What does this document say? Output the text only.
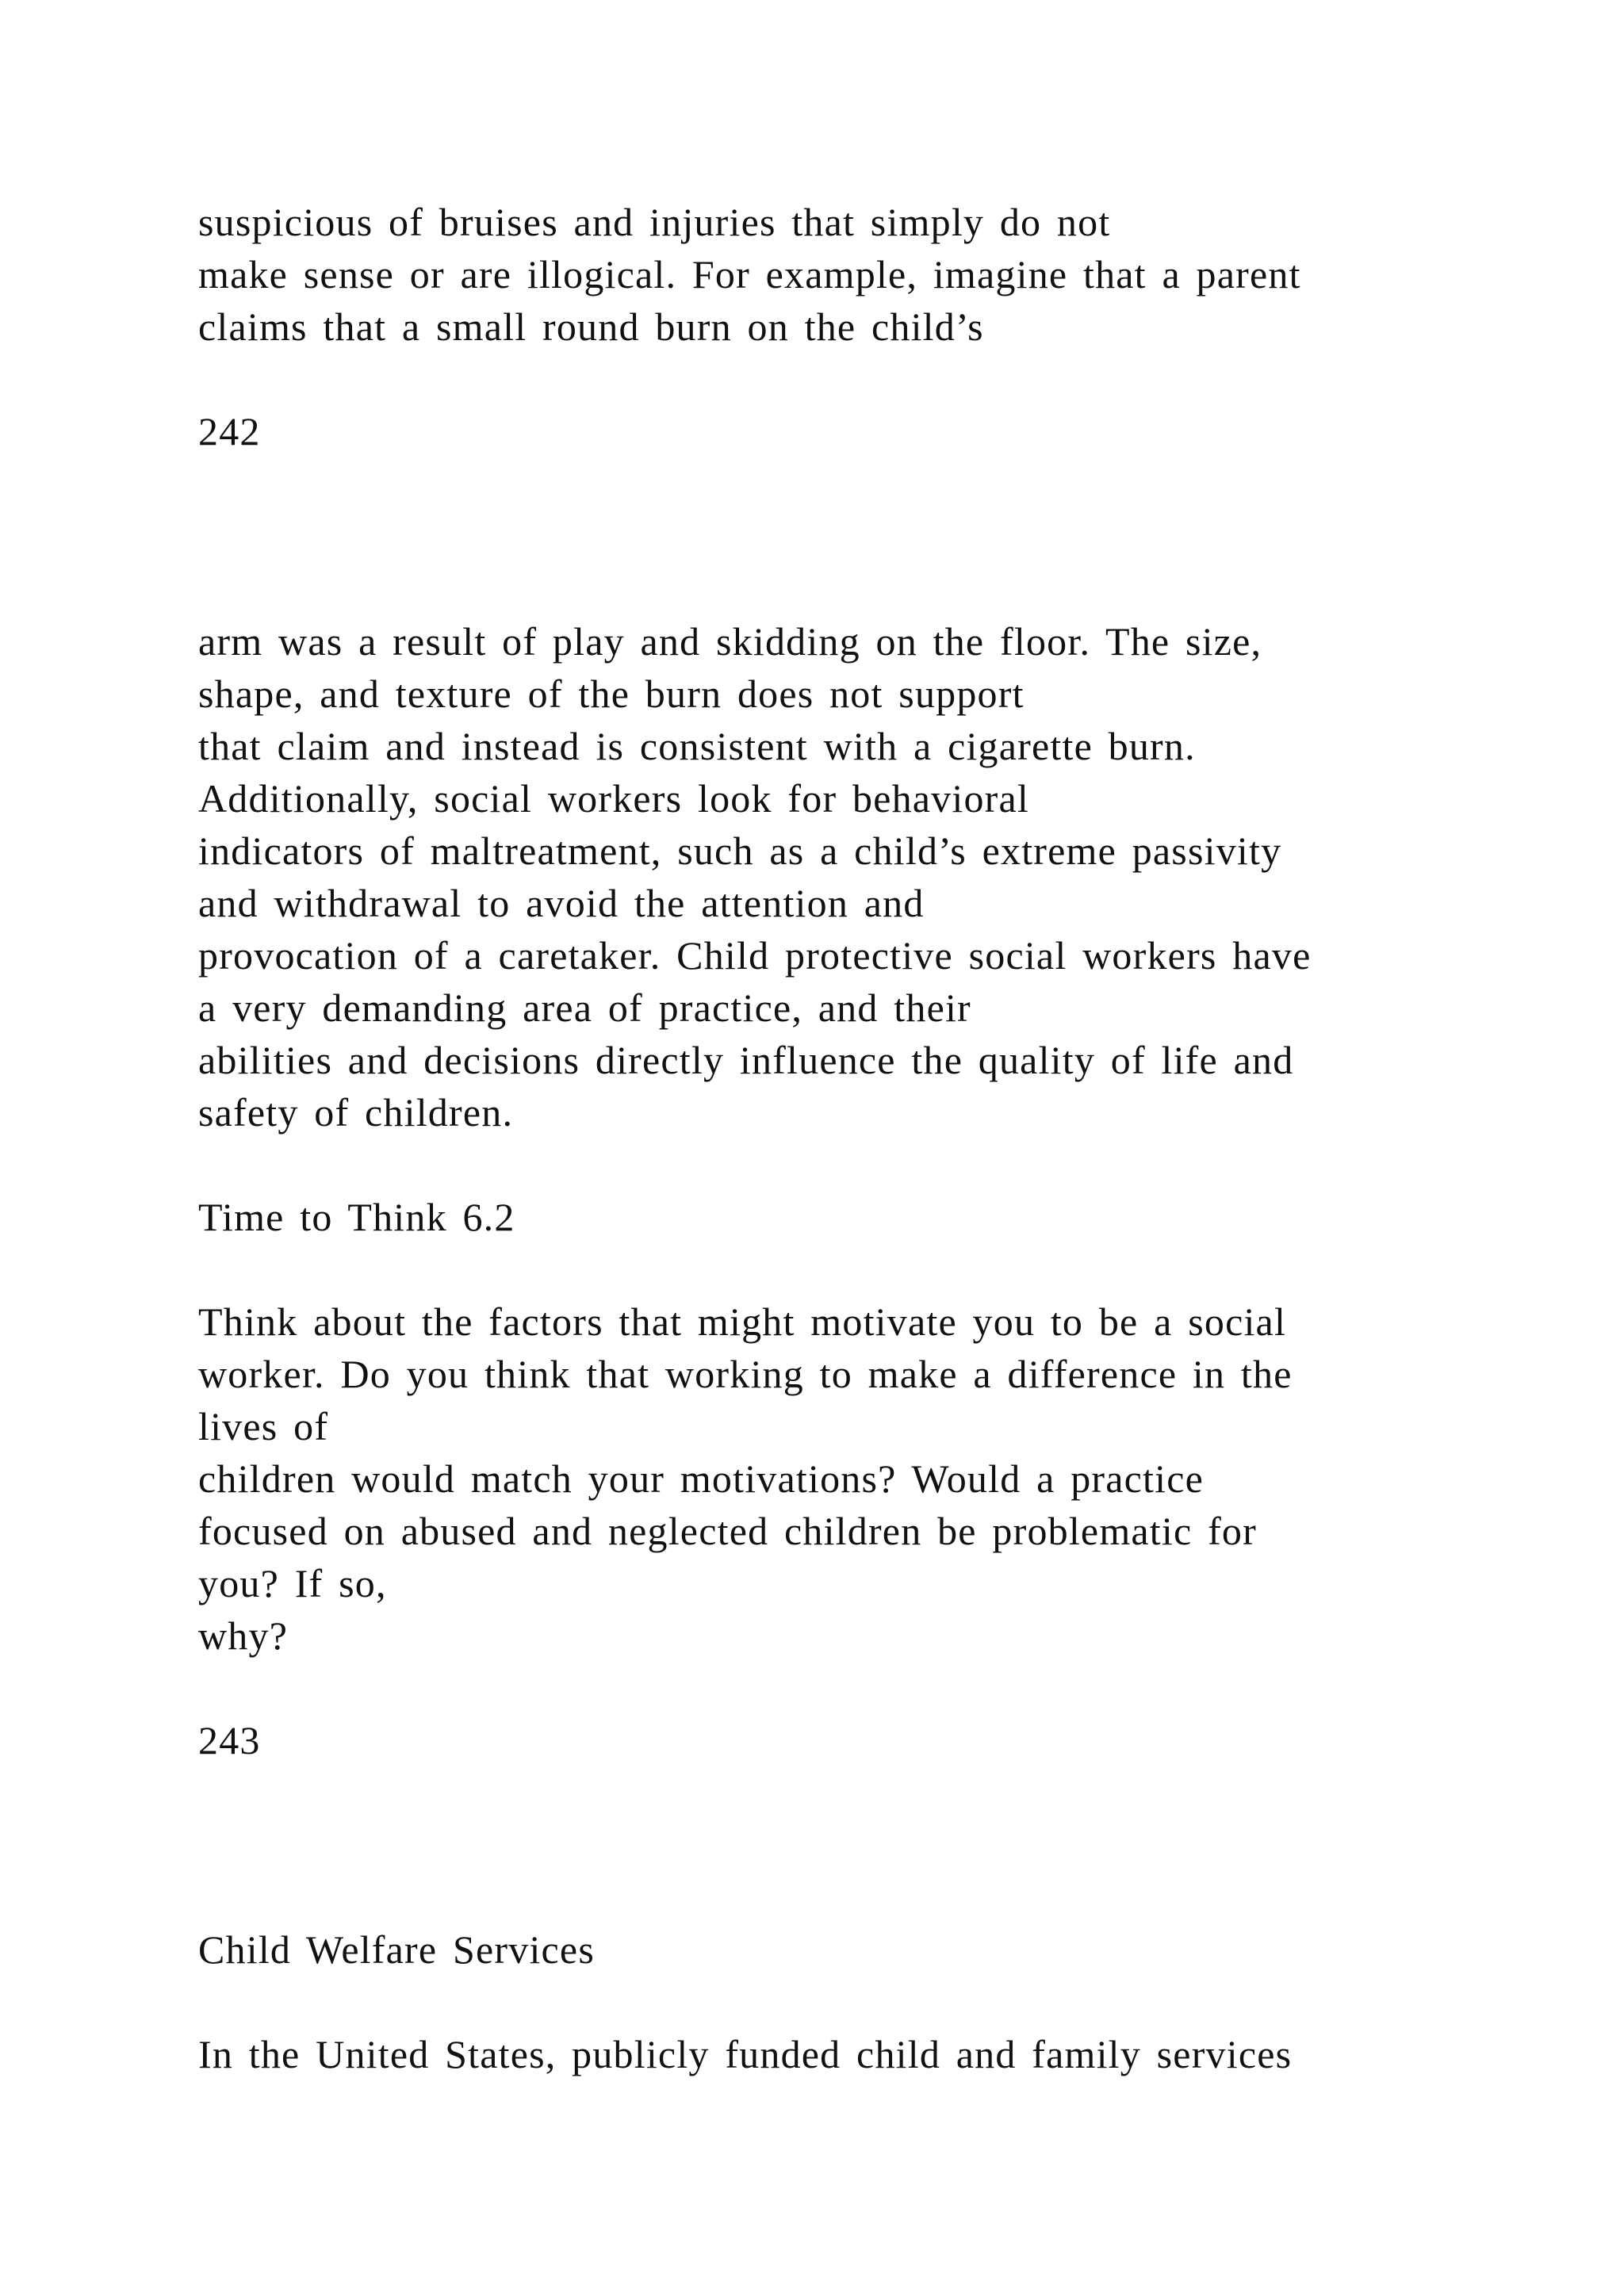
suspicious of bruises and injuries that simply do not
make sense or are illogical. For example, imagine that a parent
claims that a small round burn on the child’s
242
arm was a result of play and skidding on the floor. The size,
shape, and texture of the burn does not support
that claim and instead is consistent with a cigarette burn.
Additionally, social workers look for behavioral
indicators of maltreatment, such as a child’s extreme passivity
and withdrawal to avoid the attention and
provocation of a caretaker. Child protective social workers have
a very demanding area of practice, and their
abilities and decisions directly influence the quality of life and
safety of children.
Time to Think 6.2
Think about the factors that might motivate you to be a social
worker. Do you think that working to make a difference in the
lives of
children would match your motivations? Would a practice
focused on abused and neglected children be problematic for
you? If so,
why?
243
Child Welfare Services
In the United States, publicly funded child and family services
